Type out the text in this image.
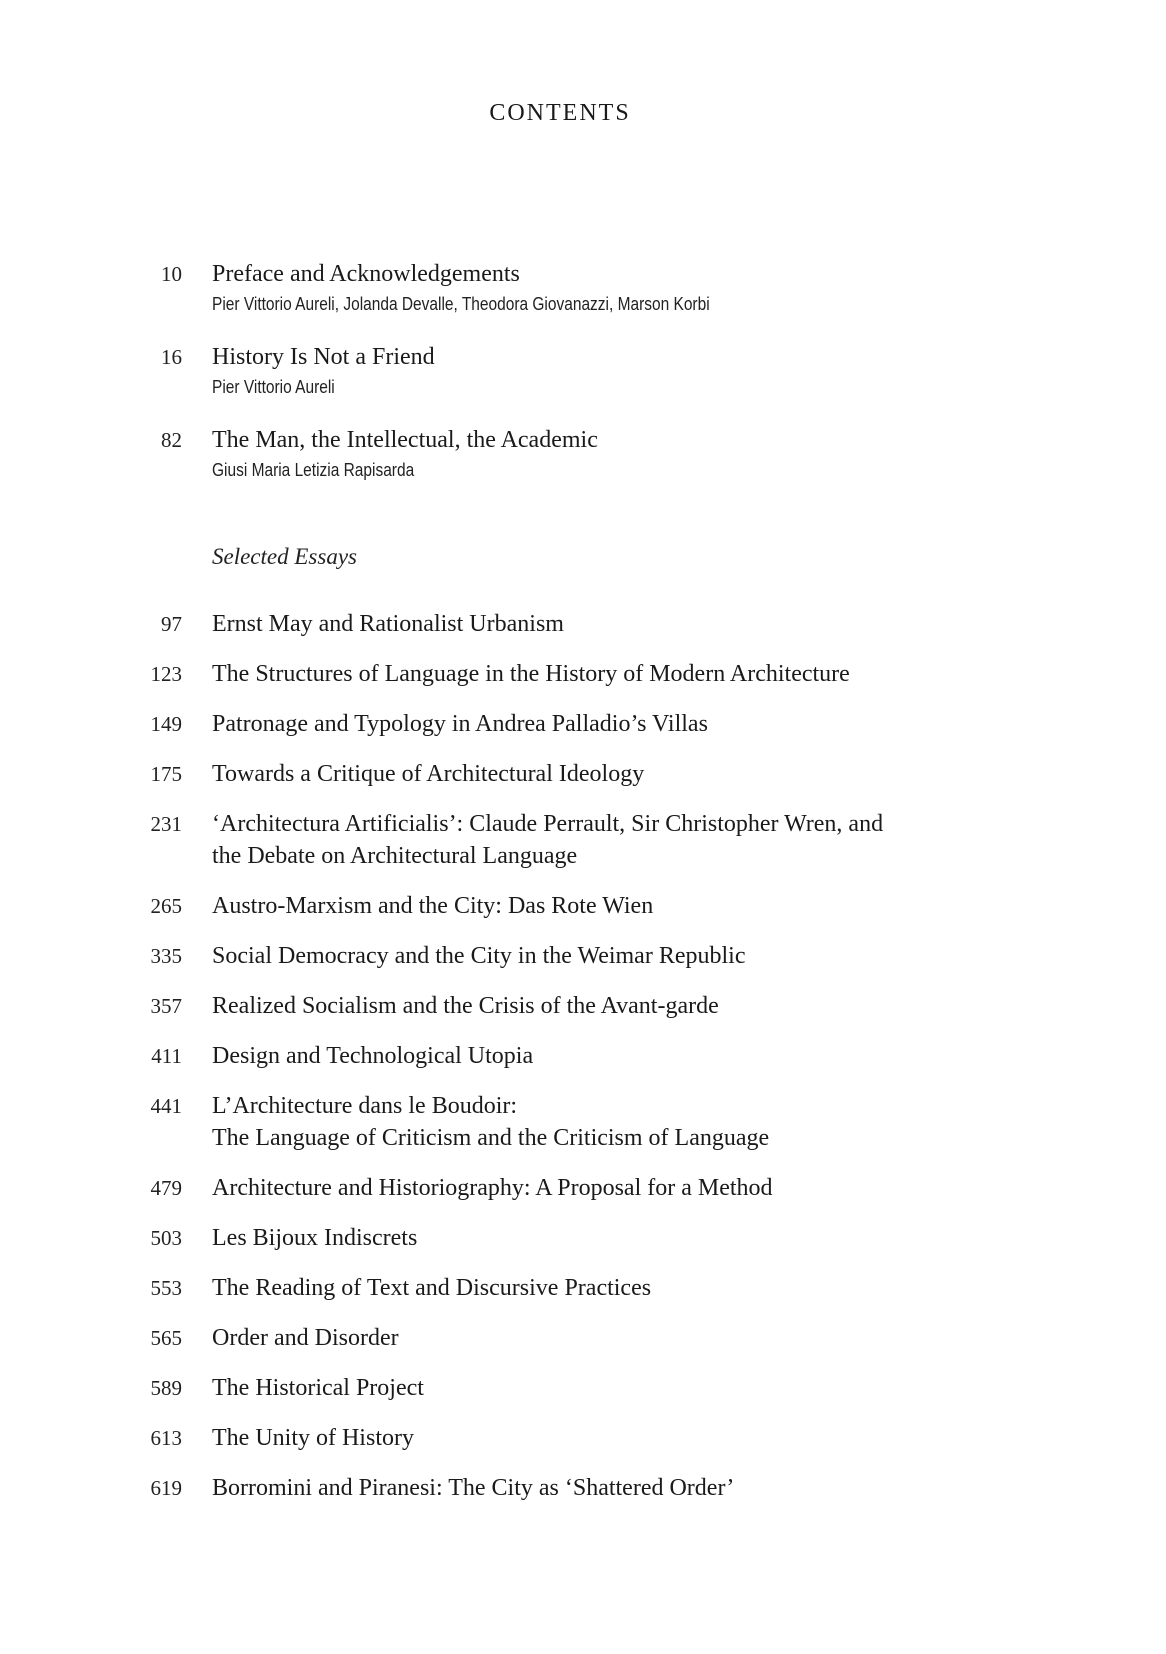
CONTENTS
10 Preface and Acknowledgements
Pier Vittorio Aureli, Jolanda Devalle, Theodora Giovanazzi, Marson Korbi
16 History Is Not a Friend
Pier Vittorio Aureli
82 The Man, the Intellectual, the Academic
Giusi Maria Letizia Rapisarda
Selected Essays
97 Ernst May and Rationalist Urbanism
123 The Structures of Language in the History of Modern Architecture
149 Patronage and Typology in Andrea Palladio’s Villas
175 Towards a Critique of Architectural Ideology
231 ‘Architectura Artificialis’: Claude Perrault, Sir Christopher Wren, and
the Debate on Architectural Language
265 Austro-Marxism and the City: Das Rote Wien
335 Social Democracy and the City in the Weimar Republic
357 Realized Socialism and the Crisis of the Avant-garde
411 Design and Technological Utopia
441 L’Architecture dans le Boudoir:
The Language of Criticism and the Criticism of Language
479 Architecture and Historiography: A Proposal for a Method
503 Les Bijoux Indiscrets
553 The Reading of Text and Discursive Practices
565 Order and Disorder
589 The Historical Project
613 The Unity of History
619 Borromini and Piranesi: The City as ‘Shattered Order’
